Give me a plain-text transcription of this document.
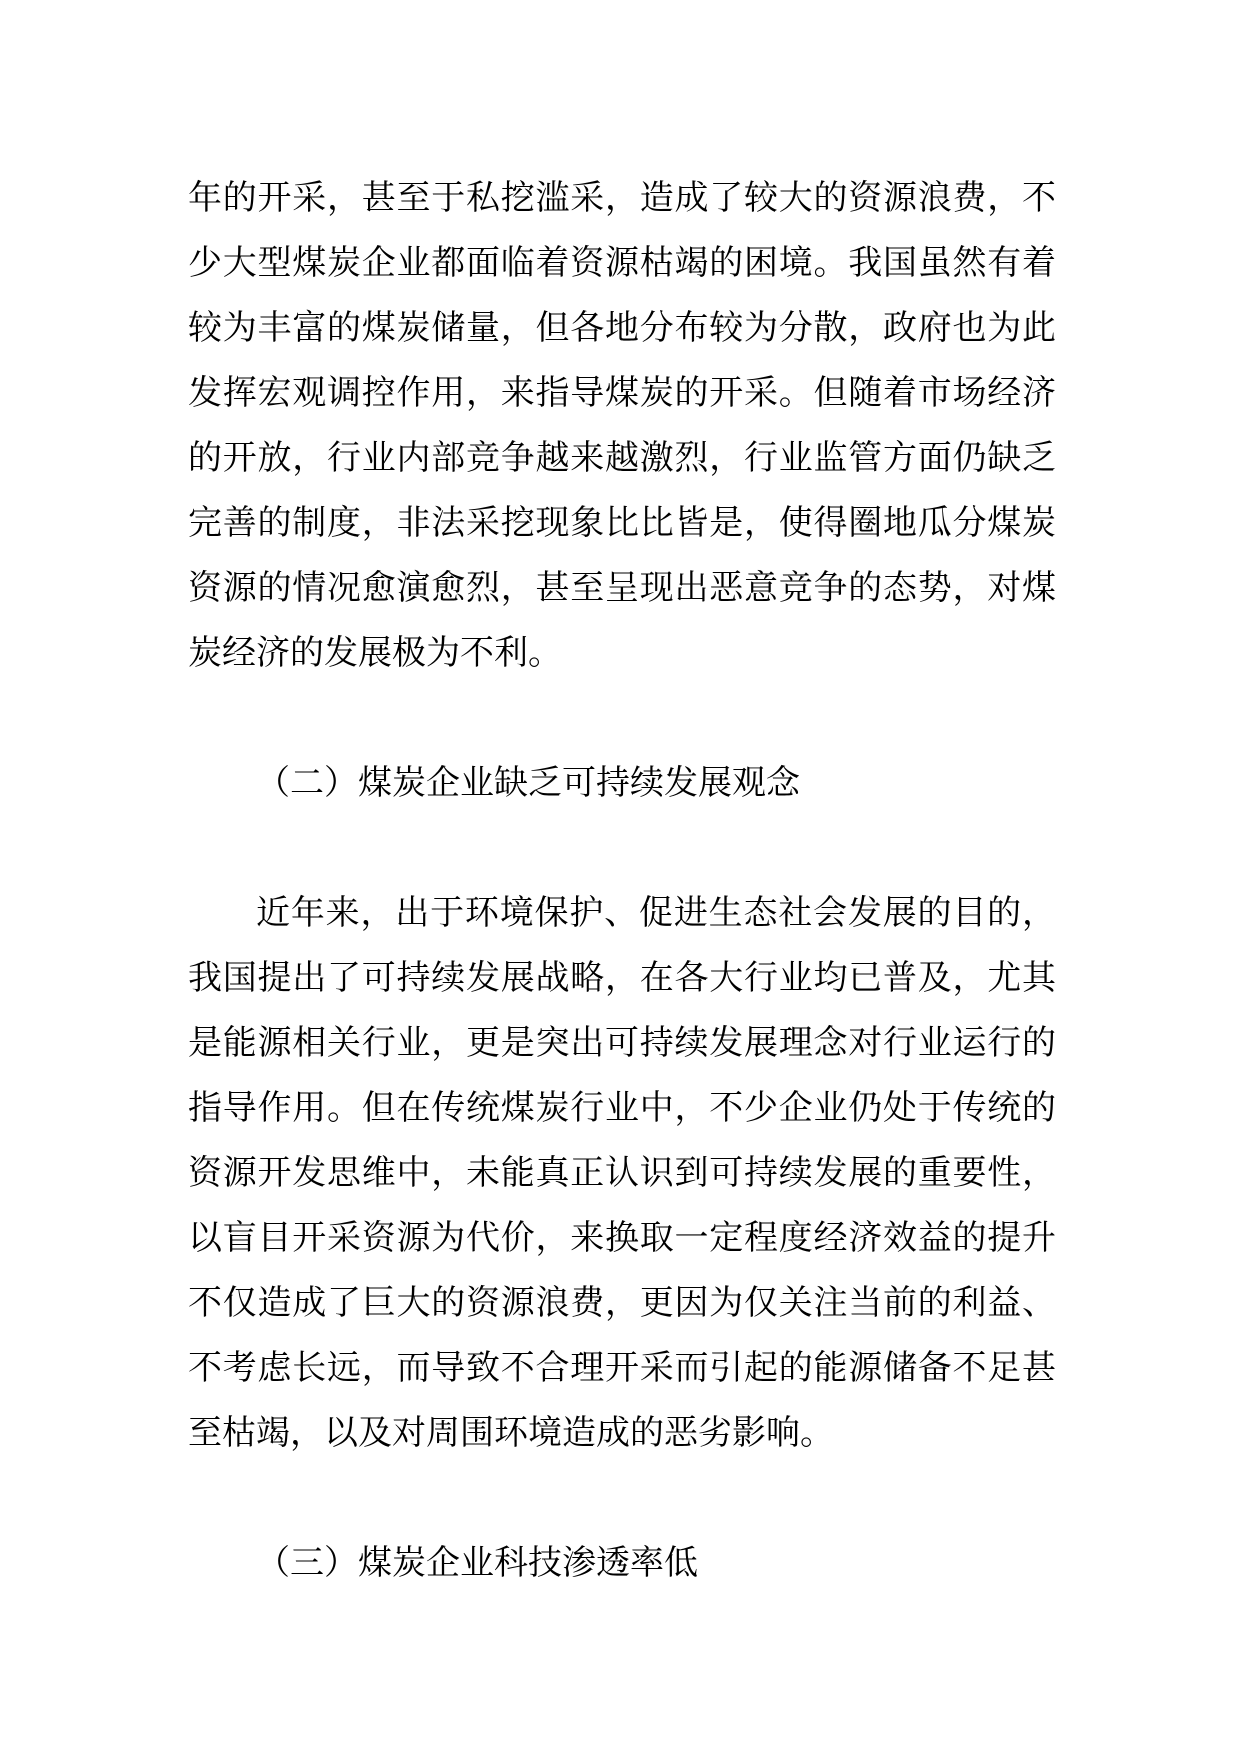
年的开采，甚至于私挖滥采，造成了较大的资源浪费，不
少大型煤炭企业都面临着资源枯竭的困境。我国虽然有着
较为丰富的煤炭储量，但各地分布较为分散，政府也为此
发挥宏观调控作用，来指导煤炭的开采。但随着市场经济
的开放，行业内部竞争越来越激烈，行业监管方面仍缺乏
完善的制度，非法采挖现象比比皆是，使得圈地瓜分煤炭
资源的情况愈演愈烈，甚至呈现出恶意竞争的态势，对煤
炭经济的发展极为不利。

（二）煤炭企业缺乏可持续发展观念

近年来，出于环境保护、促进生态社会发展的目的，
我国提出了可持续发展战略，在各大行业均已普及，尤其
是能源相关行业，更是突出可持续发展理念对行业运行的
指导作用。但在传统煤炭行业中，不少企业仍处于传统的
资源开发思维中，未能真正认识到可持续发展的重要性，
以盲目开采资源为代价，来换取一定程度经济效益的提升
不仅造成了巨大的资源浪费，更因为仅关注当前的利益、
不考虑长远，而导致不合理开采而引起的能源储备不足甚
至枯竭，以及对周围环境造成的恶劣影响。

（三）煤炭企业科技渗透率低
